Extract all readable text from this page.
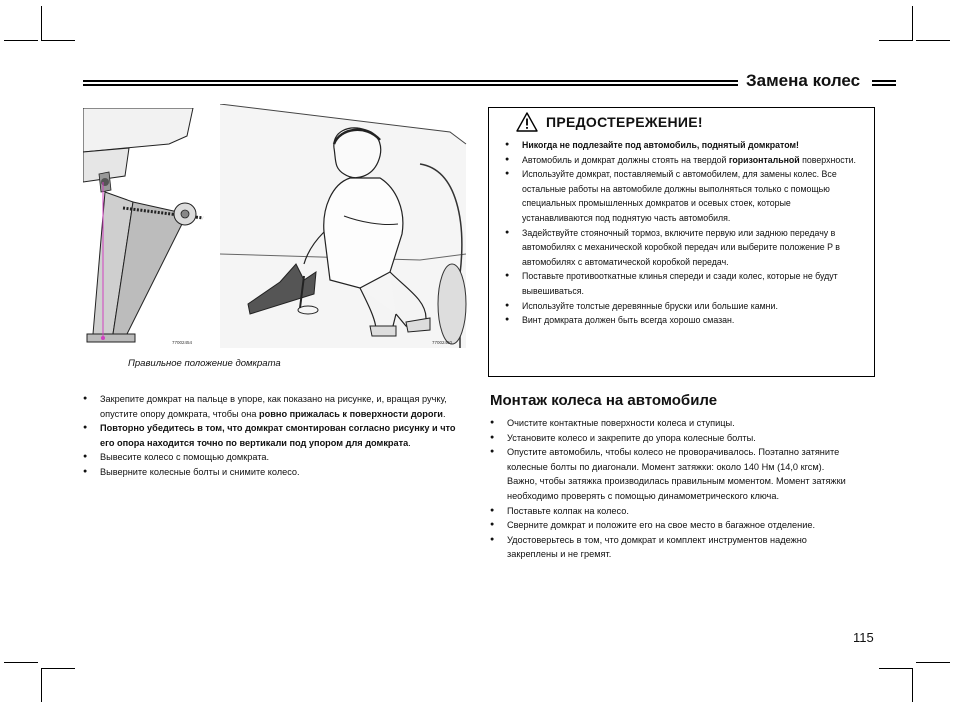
Замена колес
77002454	77002460
Правильное положение домкрата
● Закрепите домкрат на пальце в упоре, как показано на рисунке, и, вращая ручку, опустите опору домкрата, чтобы она ровно прижалась к поверхности дороги.
● Повторно убедитесь в том, что домкрат смонтирован согласно рисунку и что его опора находится точно по вертикали под упором для домкрата.
● Вывесите колесо с помощью домкрата.
● Выверните колесные болты и снимите колесо.
ПРЕДОСТЕРЕЖЕНИЕ!
● Никогда не подлезайте под автомобиль, поднятый домкратом!
● Автомобиль и домкрат должны стоять на твердой горизонтальной поверхности.
● Используйте домкрат, поставляемый с автомобилем, для замены колес. Все остальные работы на автомобиле должны выполняться только с помощью специальных промышленных домкратов и осевых стоек, которые устанавливаются под поднятую часть автомобиля.
● Задействуйте стояночный тормоз, включите первую или заднюю передачу в автомобилях с механической коробкой передач или выберите положение P в автомобилях с автоматической коробкой передач.
● Поставьте противооткатные клинья спереди и сзади колес, которые не будут вывешиваться.
● Используйте толстые деревянные бруски или большие камни.
● Винт домкрата должен быть всегда хорошо смазан.
Монтаж колеса на автомобиле
● Очистите контактные поверхности колеса и ступицы.
● Установите колесо и закрепите до упора колесные болты.
● Опустите автомобиль, чтобы колесо не проворачивалось. Поэтапно затяните колесные болты по диагонали. Момент затяжки: около 140 Нм (14,0 кгсм). Важно, чтобы затяжка производилась правильным моментом. Момент затяжки необходимо проверять с помощью динамометрического ключа.
● Поставьте колпак на колесо.
● Сверните домкрат и положите его на свое место в багажное отделение.
● Удостоверьтесь в том, что домкрат и комплект инструментов надежно закреплены и не гремят.
115
